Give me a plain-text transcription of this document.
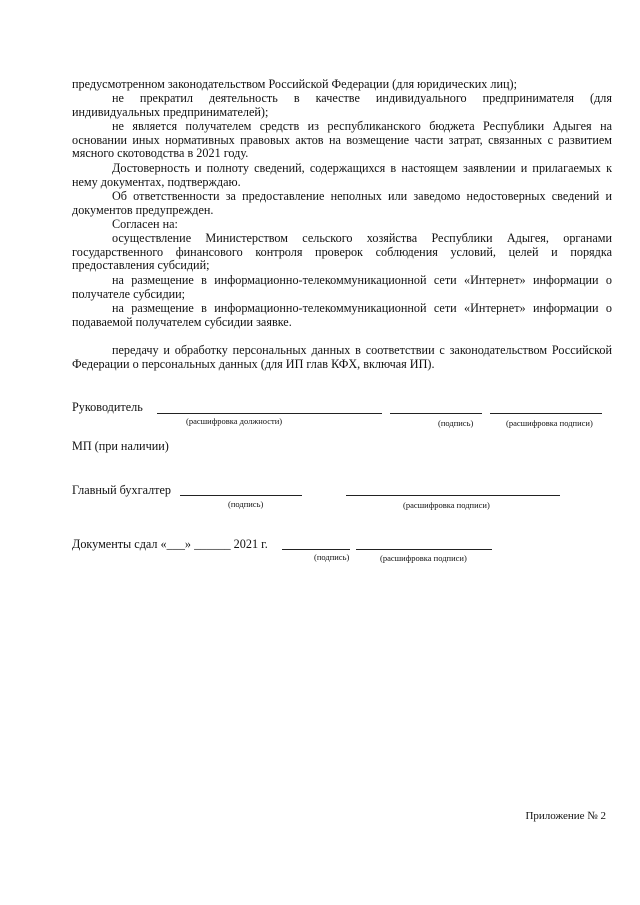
предусмотренном законодательством Российской Федерации (для юридических лиц);

не прекратил деятельность в качестве индивидуального предпринимателя (для индивидуальных предпринимателей);

не является получателем средств из республиканского бюджета Республики Адыгея на основании иных нормативных правовых актов на возмещение части затрат, связанных с развитием мясного скотоводства в 2021 году.

Достоверность и полноту сведений, содержащихся в настоящем заявлении и прилагаемых к нему документах, подтверждаю.

Об ответственности за предоставление неполных или заведомо недостоверных сведений и документов предупрежден.

Согласен на:

осуществление Министерством сельского хозяйства Республики Адыгея, органами государственного финансового контроля проверок соблюдения условий, целей и порядка предоставления субсидий;

на размещение в информационно-телекоммуникационной сети «Интернет» информации о получателе субсидии;

на размещение в информационно-телекоммуникационной сети «Интернет» информации о подаваемой получателем субсидии заявке.

передачу и обработку персональных данных в соответствии с законодательством Российской Федерации о персональных данных (для ИП глав КФХ, включая ИП).

Руководитель
(расшифровка должности)	(подпись)	(расшифровка подписи)
МП (при наличии)
Главный бухгалтер
(подпись)	(расшифровка подписи)
Документы сдал «___» ______ 2021 г.
(подпись)	(расшифровка подписи)
Приложение № 2
